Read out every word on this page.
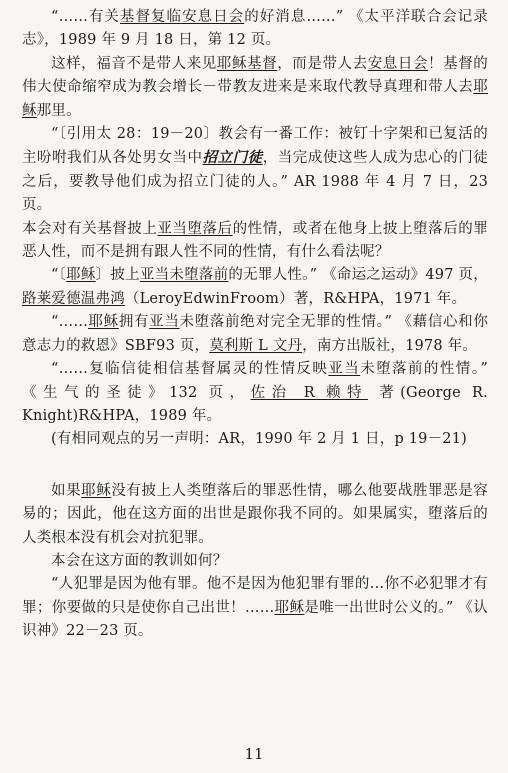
“……有关基督复临安息日会的好消息……” 《太平洋联合会记录志》，1989 年 9 月 18 日，第 12 页。

这样，福音不是带人来见耶稣基督，而是带人去安息日会！基督的伟大使命缩窄成为教会增长－带教友进来是来取代教导真理和带人去耶稣那里。

“〔引用太 28：19－20〕教会有一番工作：被钉十字架和已复活的主吩咐我们从各处男女当中招立门徒，当完成使这些人成为忠心的门徒之后，要教导他们成为招立门徒的人。” AR 1988 年 4 月 7 日，23 页。

本会对有关基督披上亚当堕落后的性情，或者在他身上披上堕落后的罪恶人性，而不是拥有跟人性不同的性情，有什么看法呢？

“〔耶稣〕披上亚当未堕落前的无罪人性。” 《命运之运动》497 页，路莱爱德温弗鸿（LeroyEdwinFroom）著，R&HPA，1971 年。

“……耶稣拥有亚当未堕落前绝对完全无罪的性情。” 《藉信心和你意志力的救恩》SBF93 页，莫利斯 L 文丹，南方出版社，1978 年。

“……复临信徒相信基督属灵的性情反映亚当未堕落前的性情。” 《生气的圣徒》132 页，佐治 R 赖特 著(George R. Knight)R&HPA，1989 年。

(有相同观点的另一声明：AR，1990 年 2 月 1 日，p 19－21)

如果耶稣没有披上人类堕落后的罪恶性情，哪么他要战胜罪恶是容易的；因此，他在这方面的出世是跟你我不同的。如果属实，堕落后的人类根本没有机会对抗犯罪。

本会在这方面的教训如何？

“人犯罪是因为他有罪。他不是因为他犯罪有罪的…你不必犯罪才有罪；你要做的只是使你自己出世！……耶稣是唯一出世时公义的。” 《认识神》22－23 页。

11
